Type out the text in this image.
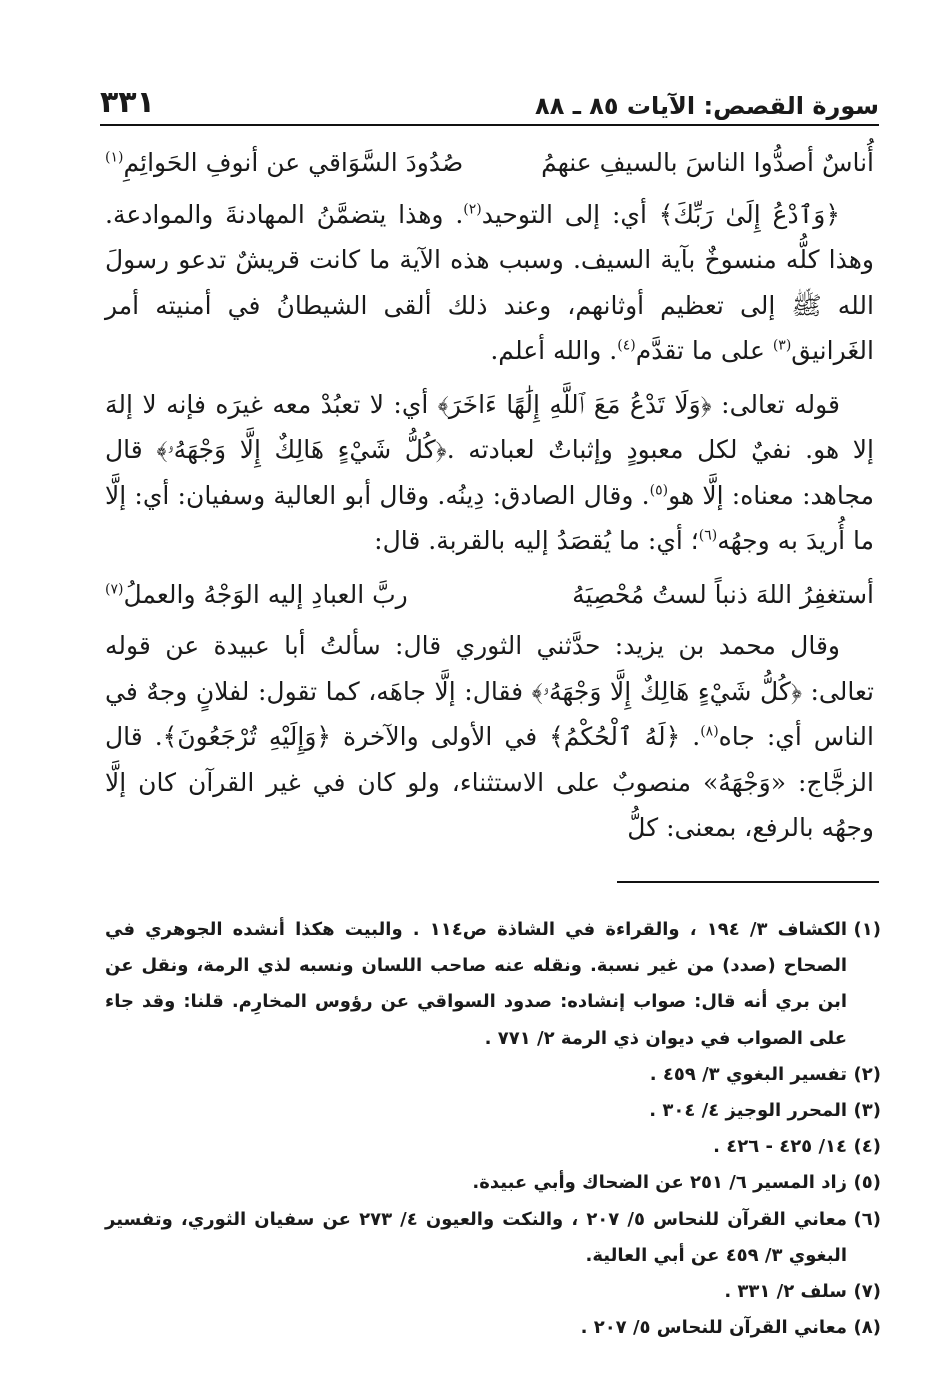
سورة القصص: الآيات ٨٥ ـ ٨٨
٣٣١
أُناسٌ أصدُّوا الناسَ بالسيفِ عنهمُ
صُدُودَ السَّوَاقي عن أنوفِ الحَوائِمِ$^{(١)}$

﴿وَٱدْعُ إِلَىٰ رَبِّكَ﴾ أي: إلى التوحيد$^{(٢)}$. وهذا يتضمَّنُ المهادنةَ والموادعة. وهذا كلُّه منسوخٌ بآية السيف. وسبب هذه الآية ما كانت قريشٌ تدعو رسولَ الله ﷺ إلى تعظيم أوثانهم، وعند ذلك ألقى الشيطانُ في أمنيته أمر الغَرانيق$^{(٣)}$ على ما تقدَّم$^{(٤)}$. والله أعلم.

قوله تعالى: ﴿وَلَا تَدْعُ مَعَ ٱللَّهِ إِلَٰهًا ءَاخَرَ﴾ أي: لا تعبُدْ معه غيرَه فإنه لا إلهَ إلا هو. نفيٌ لكل معبودٍ وإثباتٌ لعبادته .﴿كُلُّ شَيْءٍ هَالِكٌ إِلَّا وَجْهَهُۥ﴾ قال مجاهد: معناه: إلَّا هو$^{(٥)}$. وقال الصادق: دِينُه. وقال أبو العالية وسفيان: أي: إلَّا ما أُريدَ به وجهُه$^{(٦)}$؛ أي: ما يُقصَدُ إليه بالقربة. قال:

أستغفِرُ اللهَ ذنباً لستُ مُحْصِيَهُ
ربَّ العبادِ إليه الوَجْهُ والعملُ$^{(٧)}$

وقال محمد بن يزيد: حدَّثني الثوري قال: سألتُ أبا عبيدة عن قوله تعالى: ﴿كُلُّ شَيْءٍ هَالِكٌ إِلَّا وَجْهَهُۥ﴾ فقال: إلَّا جاهَه، كما تقول: لفلانٍ وجهٌ في الناس أي: جاه$^{(٨)}$. ﴿لَهُ ٱلْحُكْمُ﴾ في الأولى والآخرة ﴿وَإِلَيْهِ تُرْجَعُونَ﴾. قال الزجَّاج: «وَجْهَهُ» منصوبٌ على الاستثناء، ولو كان في غير القرآن كان إلَّا وجهُه بالرفع، بمعنى: كلُّ

(١)
الكشاف ٣/ ١٩٤ ، والقراءة في الشاذة ص١١٤ . والبيت هكذا أنشده الجوهري في الصحاح (صدد) من غير نسبة. ونقله عنه صاحب اللسان ونسبه لذي الرمة، ونقل عن ابن بري أنه قال: صواب إنشاده: صدود السواقي عن رؤوس المخارِم. قلنا: وقد جاء على الصواب في ديوان ذي الرمة ٢/ ٧٧١ .

(٢)
تفسير البغوي ٣/ ٤٥٩ .

(٣)
المحرر الوجيز ٤/ ٣٠٤ .

(٤)
١٤/ ٤٢٥ - ٤٢٦ .

(٥)
زاد المسير ٦/ ٢٥١ عن الضحاك وأبي عبيدة.

(٦)
معاني القرآن للنحاس ٥/ ٢٠٧ ، والنكت والعيون ٤/ ٢٧٣ عن سفيان الثوري، وتفسير البغوي ٣/ ٤٥٩ عن أبي العالية.

(٧)
سلف ٢/ ٣٣١ .

(٨)
معاني القرآن للنحاس ٥/ ٢٠٧ .
